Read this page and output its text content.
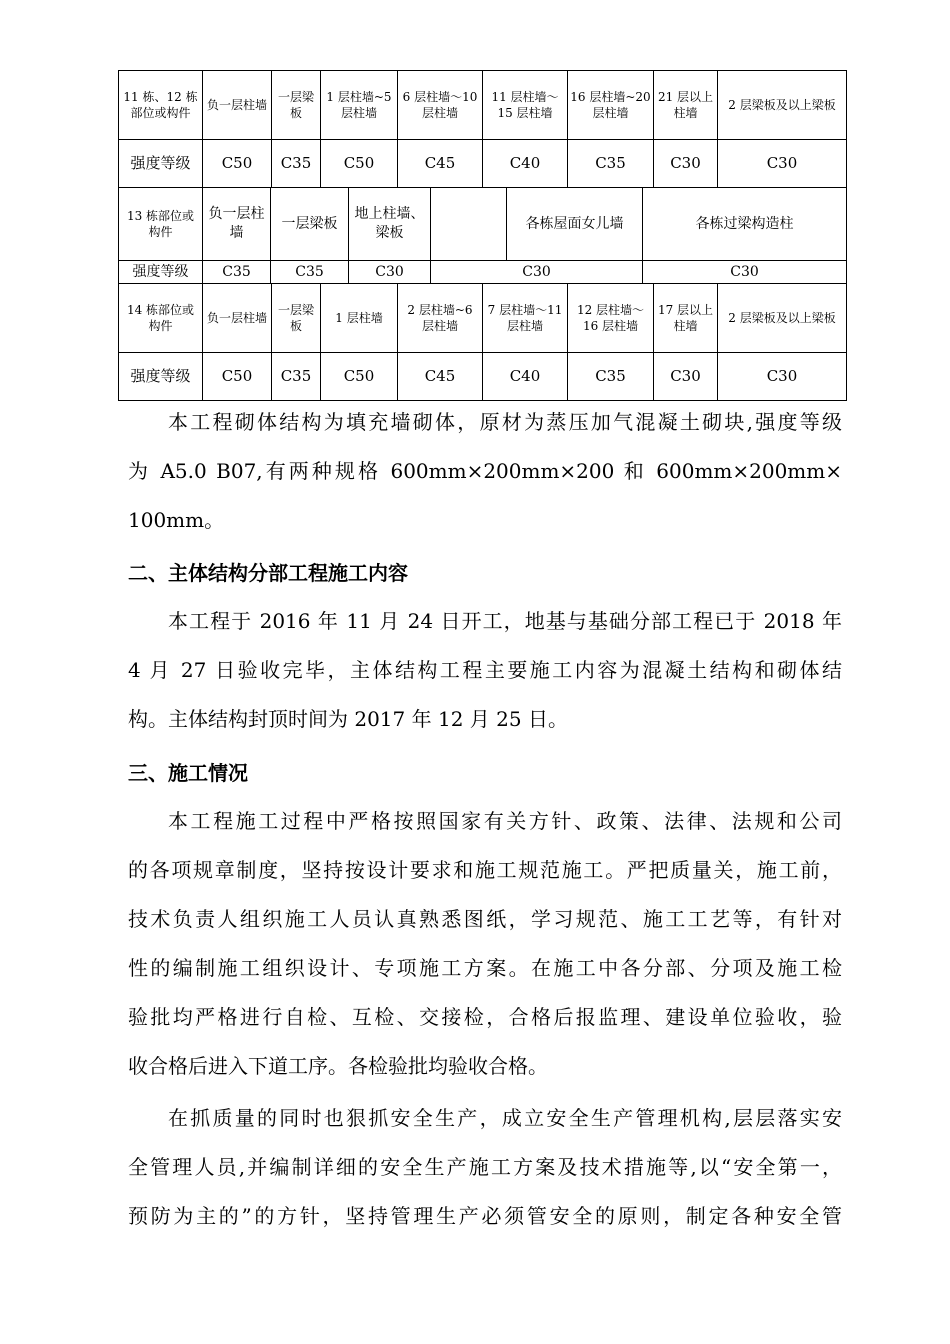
11 栋、12 栋部位或构件	负一层柱墙	一层梁板	1 层柱墙~5 层柱墙	6 层柱墙～10 层柱墙	11 层柱墙～15 层柱墙	16 层柱墙~20 层柱墙	21 层以上柱墙	2 层梁板及以上梁板
强度等级	C50	C35	C50	C45	C40	C35	C30	C30
13 栋部位或构件	负一层柱墙	一层梁板	地上柱墙、梁板		各栋屋面女儿墙	各栋过梁构造柱
强度等级	C35	C35	C30	C30		C30
14 栋部位或构件	负一层柱墙	一层梁板	1 层柱墙	2 层柱墙~6 层柱墙	7 层柱墙～11 层柱墙	12 层柱墙～16 层柱墙	17 层以上柱墙	2 层梁板及以上梁板
强度等级	C50	C35	C50	C45	C40	C35	C30	C30
本工程砌体结构为填充墙砌体，原材为蒸压加气混凝土砌块,强度等级
为 A5.0 B07,有两种规格 600mm×200mm×200 和 600mm×200mm×
100mm。
二、主体结构分部工程施工内容
本工程于 2016 年 11 月 24 日开工，地基与基础分部工程已于 2018 年
4 月 27 日验收完毕，主体结构工程主要施工内容为混凝土结构和砌体结
构。主体结构封顶时间为 2017 年 12 月 25 日。
三、施工情况
本工程施工过程中严格按照国家有关方针、政策、法律、法规和公司
的各项规章制度，坚持按设计要求和施工规范施工。严把质量关，施工前，
技术负责人组织施工人员认真熟悉图纸，学习规范、施工工艺等，有针对
性的编制施工组织设计、专项施工方案。在施工中各分部、分项及施工检
验批均严格进行自检、互检、交接检，合格后报监理、建设单位验收，验
收合格后进入下道工序。各检验批均验收合格。
在抓质量的同时也狠抓安全生产，成立安全生产管理机构,层层落实安
全管理人员,并编制详细的安全生产施工方案及技术措施等,以“安全第一，
预防为主的”的方针，坚持管理生产必须管安全的原则，制定各种安全管
